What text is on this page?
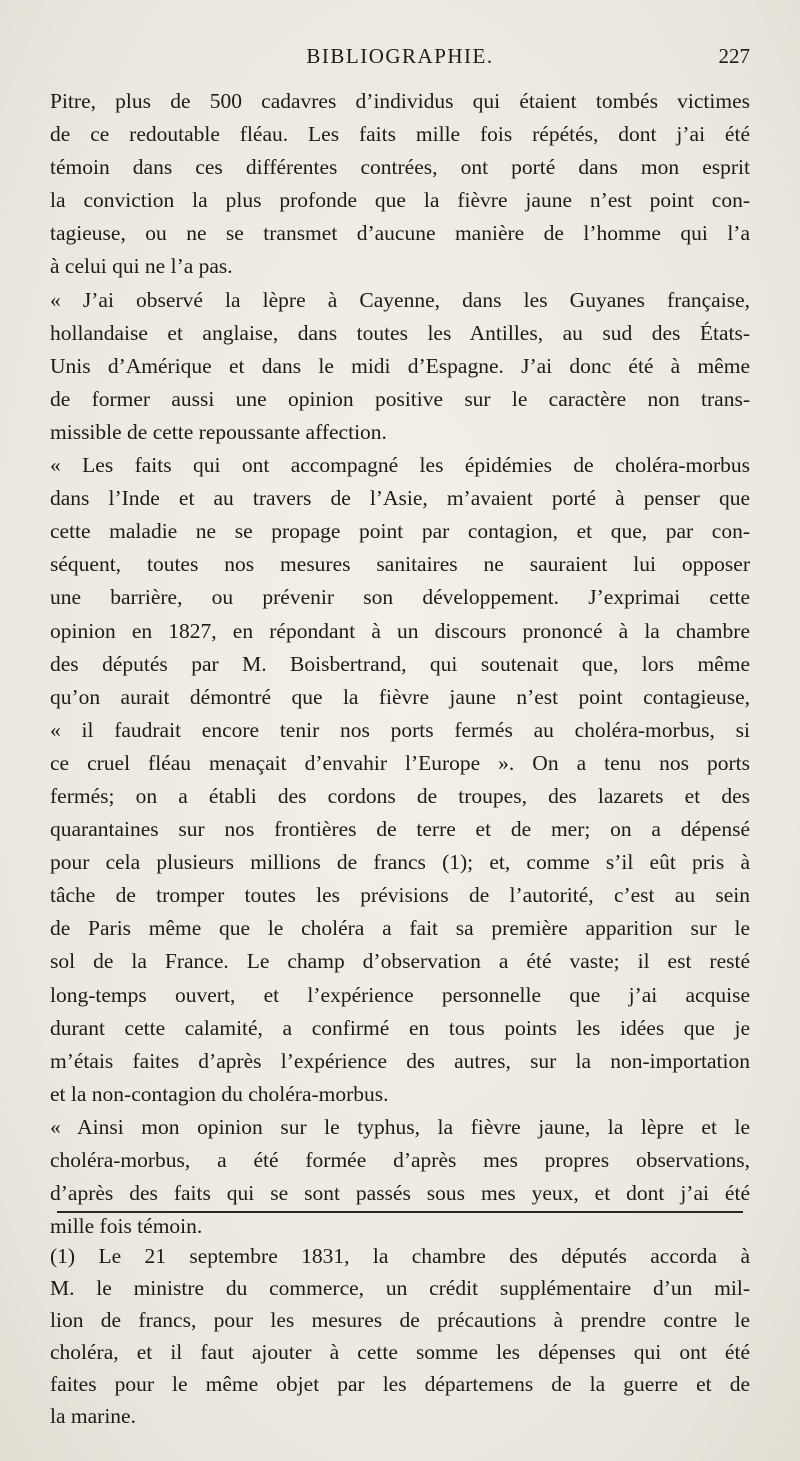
BIBLIOGRAPHIE.	227
Pitre, plus de 500 cadavres d’individus qui étaient tombés victimes
de ce redoutable fléau. Les faits mille fois répétés, dont j’ai été
témoin dans ces différentes contrées, ont porté dans mon esprit
la conviction la plus profonde que la fièvre jaune n’est point con-
tagieuse, ou ne se transmet d’aucune manière de l’homme qui l’a
à celui qui ne l’a pas.
« J’ai observé la lèpre à Cayenne, dans les Guyanes française,
hollandaise et anglaise, dans toutes les Antilles, au sud des États-
Unis d’Amérique et dans le midi d’Espagne. J’ai donc été à même
de former aussi une opinion positive sur le caractère non trans-
missible de cette repoussante affection.
« Les faits qui ont accompagné les épidémies de choléra-morbus
dans l’Inde et au travers de l’Asie, m’avaient porté à penser que
cette maladie ne se propage point par contagion, et que, par con-
séquent, toutes nos mesures sanitaires ne sauraient lui opposer
une barrière, ou prévenir son développement. J’exprimai cette
opinion en 1827, en répondant à un discours prononcé à la chambre
des députés par M. Boisbertrand, qui soutenait que, lors même
qu’on aurait démontré que la fièvre jaune n’est point contagieuse,
« il faudrait encore tenir nos ports fermés au choléra-morbus, si
ce cruel fléau menaçait d’envahir l’Europe ». On a tenu nos ports
fermés; on a établi des cordons de troupes, des lazarets et des
quarantaines sur nos frontières de terre et de mer; on a dépensé
pour cela plusieurs millions de francs (1); et, comme s’il eût pris à
tâche de tromper toutes les prévisions de l’autorité, c’est au sein
de Paris même que le choléra a fait sa première apparition sur le
sol de la France. Le champ d’observation a été vaste; il est resté
long-temps ouvert, et l’expérience personnelle que j’ai acquise
durant cette calamité, a confirmé en tous points les idées que je
m’étais faites d’après l’expérience des autres, sur la non-importation
et la non-contagion du choléra-morbus.
« Ainsi mon opinion sur le typhus, la fièvre jaune, la lèpre et le
choléra-morbus, a été formée d’après mes propres observations,
d’après des faits qui se sont passés sous mes yeux, et dont j’ai été
mille fois témoin.
(1) Le 21 septembre 1831, la chambre des députés accorda à
M. le ministre du commerce, un crédit supplémentaire d’un mil-
lion de francs, pour les mesures de précautions à prendre contre le
choléra, et il faut ajouter à cette somme les dépenses qui ont été
faites pour le même objet par les départemens de la guerre et de
la marine.
